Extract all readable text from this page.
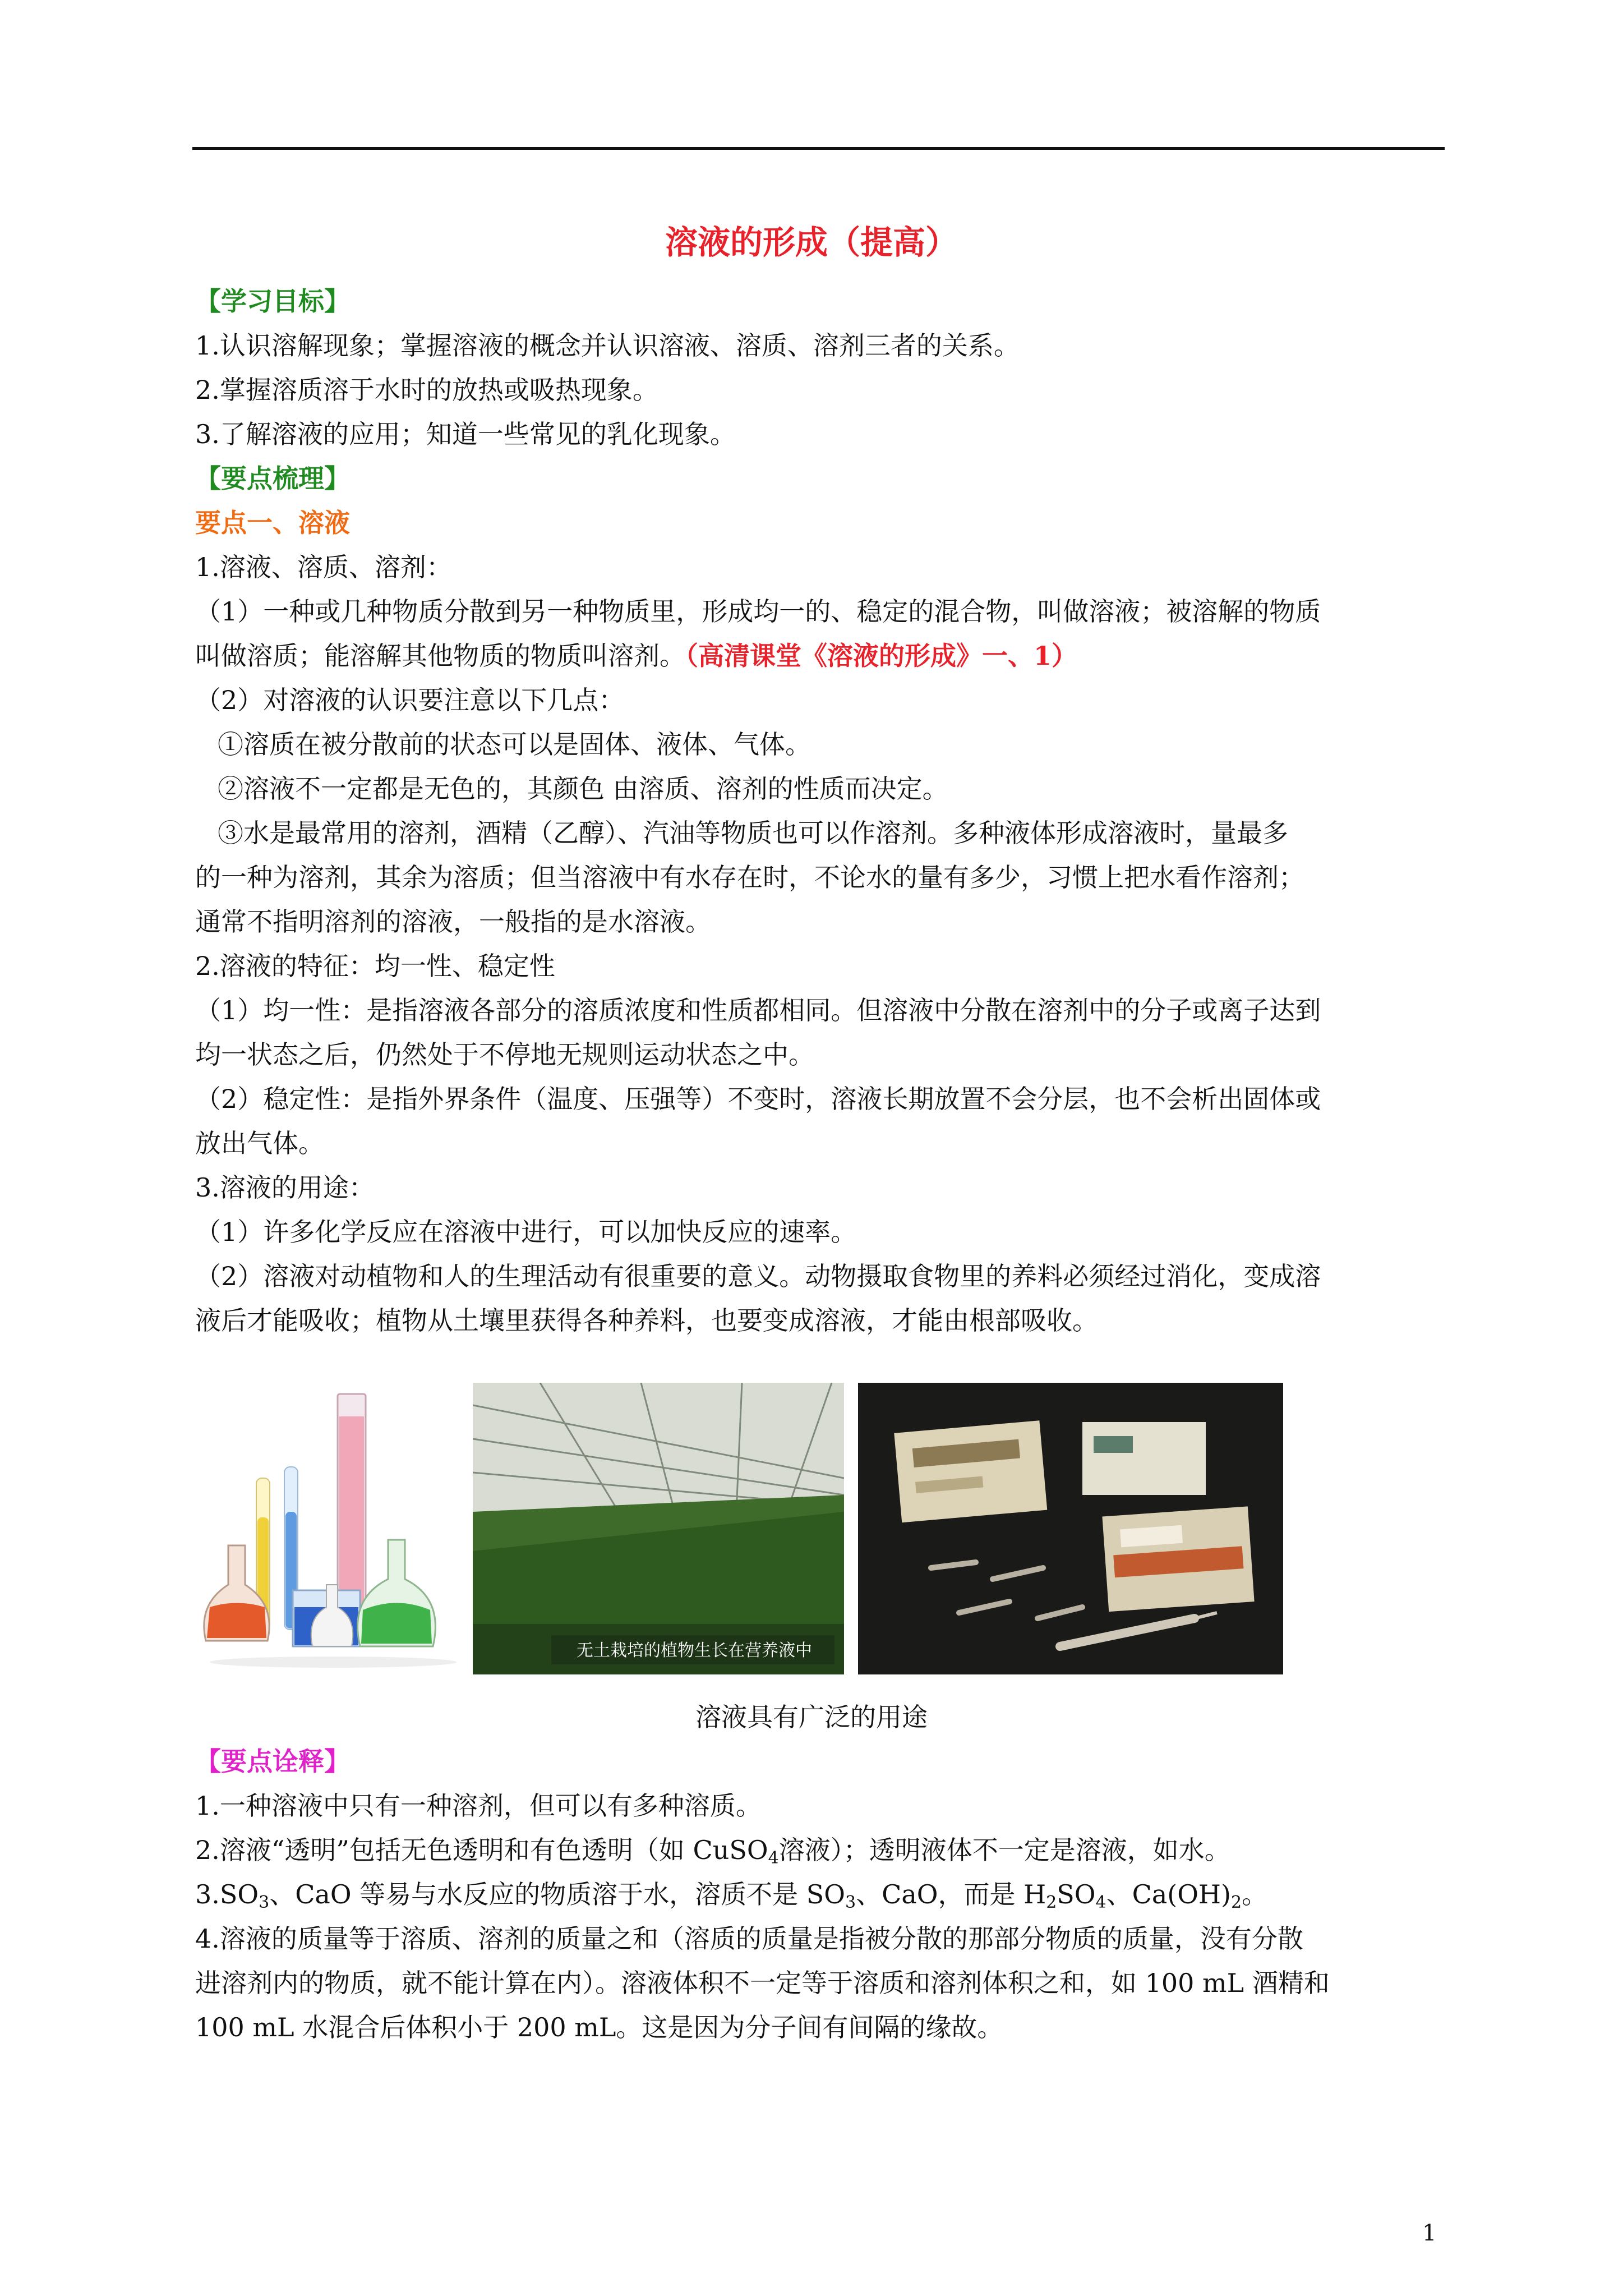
溶液的形成（提高）
【学习目标】
1.认识溶解现象；掌握溶液的概念并认识溶液、溶质、溶剂三者的关系。
2.掌握溶质溶于水时的放热或吸热现象。
3.了解溶液的应用；知道一些常见的乳化现象。
【要点梳理】
要点一、溶液
1.溶液、溶质、溶剂：
（1）一种或几种物质分散到另一种物质里，形成均一的、稳定的混合物，叫做溶液；被溶解的物质
叫做溶质；能溶解其他物质的物质叫溶剂。（高清课堂《溶液的形成》一、1）
（2）对溶液的认识要注意以下几点：
①溶质在被分散前的状态可以是固体、液体、气体。
②溶液不一定都是无色的，其颜色 由溶质、溶剂的性质而决定。
③水是最常用的溶剂，酒精（乙醇）、汽油等物质也可以作溶剂。多种液体形成溶液时，量最多
的一种为溶剂，其余为溶质；但当溶液中有水存在时，不论水的量有多少，习惯上把水看作溶剂；
通常不指明溶剂的溶液，一般指的是水溶液。
2.溶液的特征：均一性、稳定性
（1）均一性：是指溶液各部分的溶质浓度和性质都相同。但溶液中分散在溶剂中的分子或离子达到
均一状态之后，仍然处于不停地无规则运动状态之中。
（2）稳定性：是指外界条件（温度、压强等）不变时，溶液长期放置不会分层，也不会析出固体或
放出气体。
3.溶液的用途：
（1）许多化学反应在溶液中进行，可以加快反应的速率。
（2）溶液对动植物和人的生理活动有很重要的意义。动物摄取食物里的养料必须经过消化，变成溶
液后才能吸收；植物从土壤里获得各种养料，也要变成溶液，才能由根部吸收。
无土栽培的植物生长在营养液中
溶液具有广泛的用途
【要点诠释】
1.一种溶液中只有一种溶剂，但可以有多种溶质。
2.溶液“透明”包括无色透明和有色透明（如 CuSO$_4$溶液）；透明液体不一定是溶液，如水。
$3.SO_3$、CaO 等易与水反应的物质溶于水，溶质不是 $SO_3$、CaO，而是 $H_2SO_4$、$Ca(OH)_2$。
4.溶液的质量等于溶质、溶剂的质量之和（溶质的质量是指被分散的那部分物质的质量，没有分散
进溶剂内的物质，就不能计算在内）。溶液体积不一定等于溶质和溶剂体积之和，如 100 mL 酒精和
100 mL 水混合后体积小于 200 mL。这是因为分子间有间隔的缘故。
1
